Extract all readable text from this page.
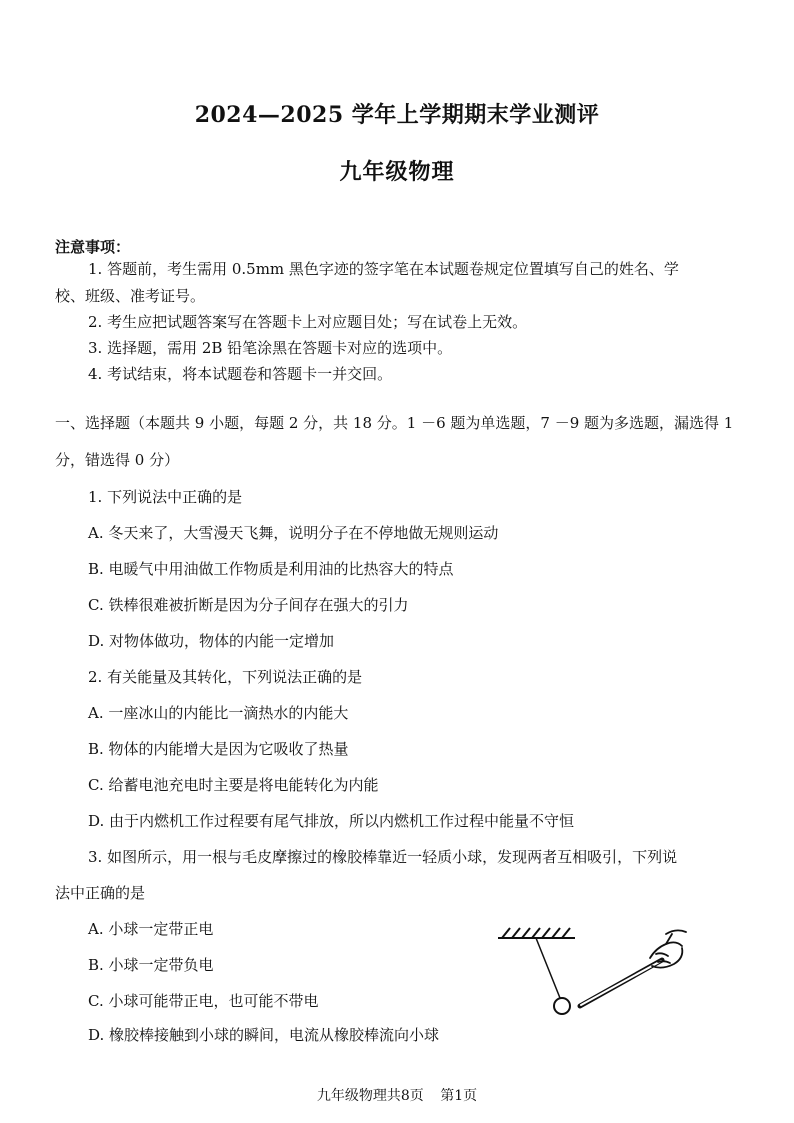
2024—2025 学年上学期期末学业测评
九年级物理
注意事项：
1. 答题前，考生需用 0.5mm 黑色字迹的签字笔在本试题卷规定位置填写自己的姓名、学
校、班级、准考证号。
2. 考生应把试题答案写在答题卡上对应题目处；写在试卷上无效。
3. 选择题，需用 2B 铅笔涂黑在答题卡对应的选项中。
4. 考试结束，将本试题卷和答题卡一并交回。
一、选择题（本题共 9 小题，每题 2 分，共 18 分。1 －6 题为单选题，7 －9 题为多选题，漏选得 1
分，错选得 0 分）
1. 下列说法中正确的是
A. 冬天来了，大雪漫天飞舞，说明分子在不停地做无规则运动
B. 电暖气中用油做工作物质是利用油的比热容大的特点
C. 铁棒很难被折断是因为分子间存在强大的引力
D. 对物体做功，物体的内能一定增加
2. 有关能量及其转化，下列说法正确的是
A. 一座冰山的内能比一滴热水的内能大
B. 物体的内能增大是因为它吸收了热量
C. 给蓄电池充电时主要是将电能转化为内能
D. 由于内燃机工作过程要有尾气排放，所以内燃机工作过程中能量不守恒
3. 如图所示，用一根与毛皮摩擦过的橡胶棒靠近一轻质小球，发现两者互相吸引，下列说
法中正确的是
A. 小球一定带正电
B. 小球一定带负电
C. 小球可能带正电，也可能不带电
D. 橡胶棒接触到小球的瞬间，电流从橡胶棒流向小球
九年级物理共8页 第1页
